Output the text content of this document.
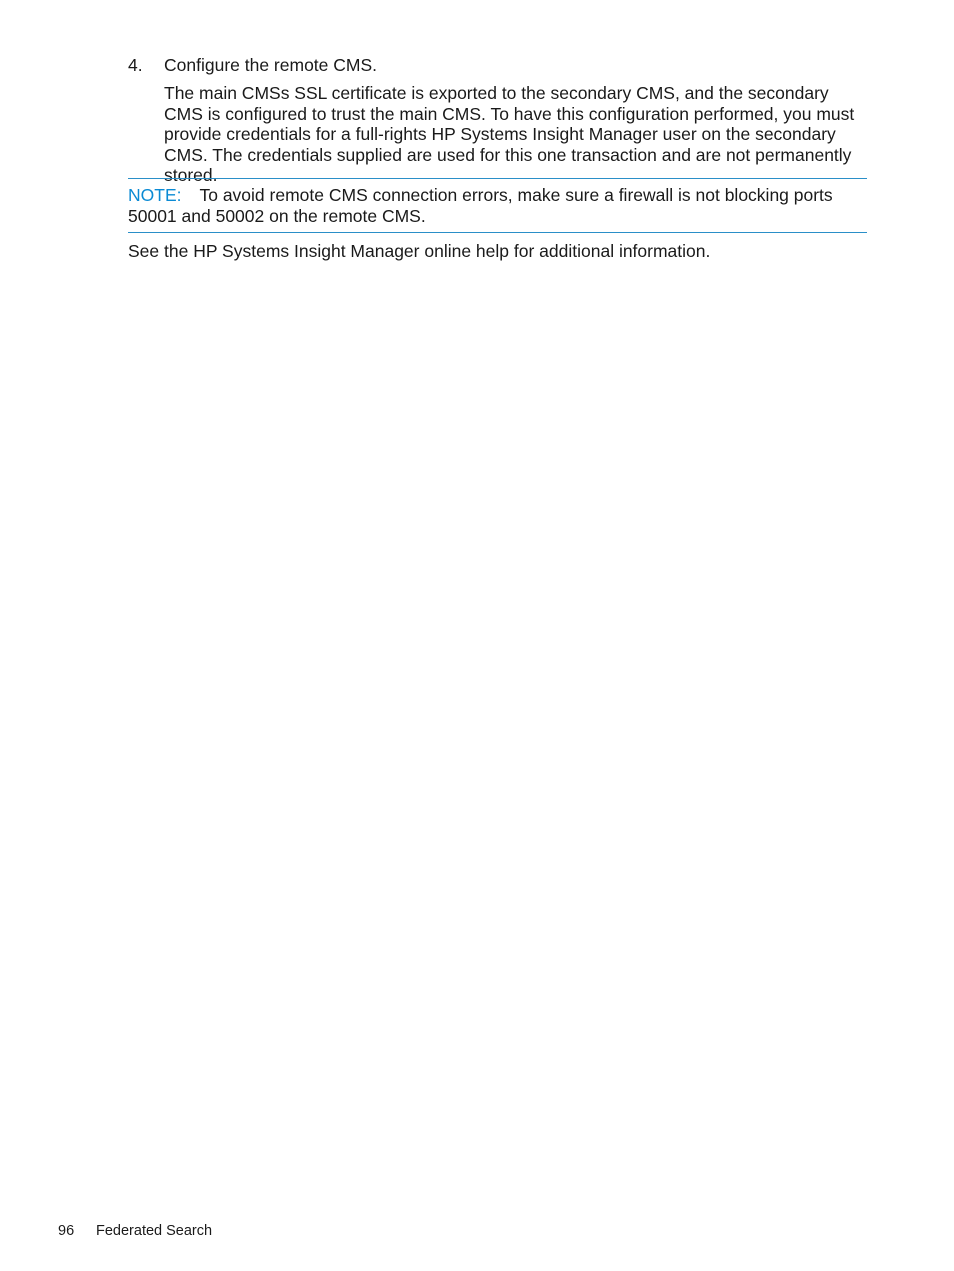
4.	Configure the remote CMS.
The main CMSs SSL certificate is exported to the secondary CMS, and the secondary CMS is configured to trust the main CMS. To have this configuration performed, you must provide credentials for a full-rights HP Systems Insight Manager user on the secondary CMS. The credentials supplied are used for this one transaction and are not permanently stored.
NOTE: To avoid remote CMS connection errors, make sure a firewall is not blocking ports 50001 and 50002 on the remote CMS.
See the HP Systems Insight Manager online help for additional information.
96	Federated Search
